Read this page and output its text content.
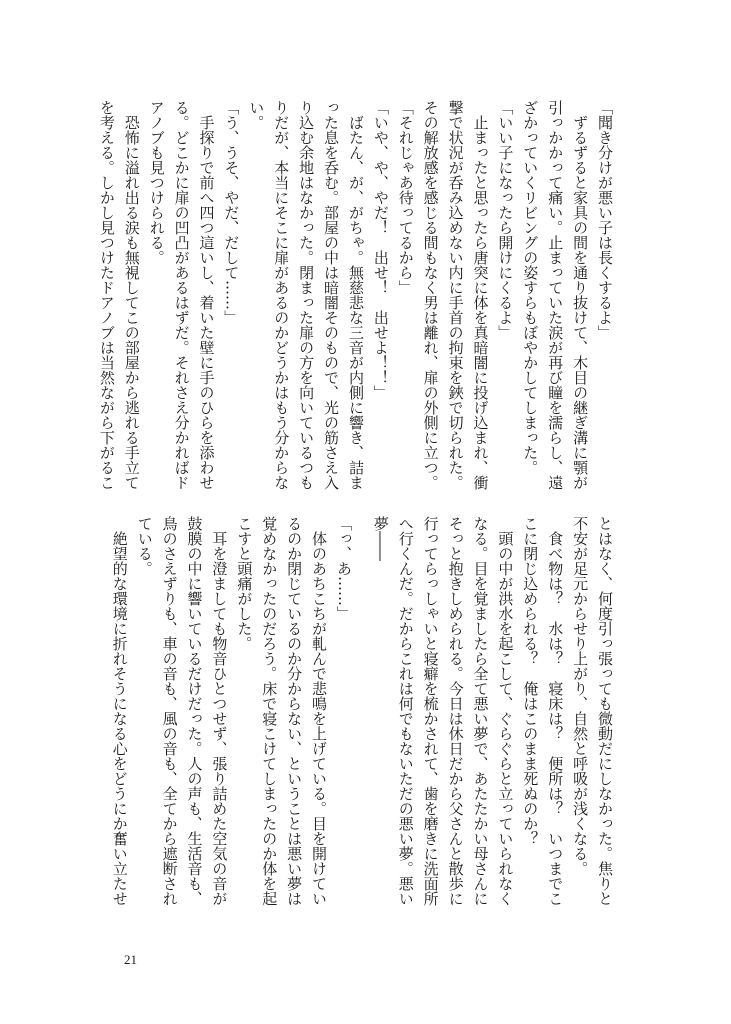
「聞き分けが悪い子は長くするよ」
　ずるずると家具の間を通り抜けて、木目の継ぎ溝に顎が
引っかかって痛い。止まっていた涙が再び瞳を濡らし、遠
ざかっていくリビングの姿すらもぼやかしてしまった。
「いい子になったら開けにくるよ」
　止まったと思ったら唐突に体を真暗闇に投げ込まれ、衝
撃で状況が呑み込めない内に手首の拘束を鋏で切られた。
その解放感を感じる間もなく男は離れ、扉の外側に立つ。
「それじゃあ待ってるから」
「いや、や、やだ！　出せ！　出せよ！！」
　ばたん、が、がちゃ。無慈悲な三音が内側に響き、詰ま
った息を呑む。部屋の中は暗闇そのもので、光の筋さえ入
り込む余地はなかった。閉まった扉の方を向いているつも
りだが、本当にそこに扉があるのかどうかはもう分からな
い。
「う、うそ、やだ、だして……」
　手探りで前へ四つ這いし、着いた壁に手のひらを添わせ
る。どこかに扉の凹凸があるはずだ。それさえ分かればド
アノブも見つけられる。
　恐怖に溢れ出る涙も無視してこの部屋から逃れる手立て
を考える。しかし見つけたドアノブは当然ながら下がるこ
とはなく、何度引っ張っても微動だにしなかった。焦りと
不安が足元からせり上がり、自然と呼吸が浅くなる。
　食べ物は？　水は？　寝床は？　便所は？　いつまでこ
こに閉じ込められる？　俺はこのまま死ぬのか？
　頭の中が洪水を起こして、ぐらぐらと立っていられなく
なる。目を覚ましたら全て悪い夢で、あたたかい母さんに
そっと抱きしめられる。今日は休日だから父さんと散歩に
行ってらっしゃいと寝癖を梳かされて、歯を磨きに洗面所
へ行くんだ。だからこれは何でもないただの悪い夢。悪い
夢――

「っ、あ……」
　体のあちこちが軋んで悲鳴を上げている。目を開けてい
るのか閉じているのか分からない、ということは悪い夢は
覚めなかったのだろう。床で寝こけてしまったのか体を起
こすと頭痛がした。
　耳を澄ましても物音ひとつせず、張り詰めた空気の音が
鼓膜の中に響いているだけだった。人の声も、生活音も、
鳥のさえずりも、車の音も、風の音も、全てから遮断され
ている。
　絶望的な環境に折れそうになる心をどうにか奮い立たせ
21
